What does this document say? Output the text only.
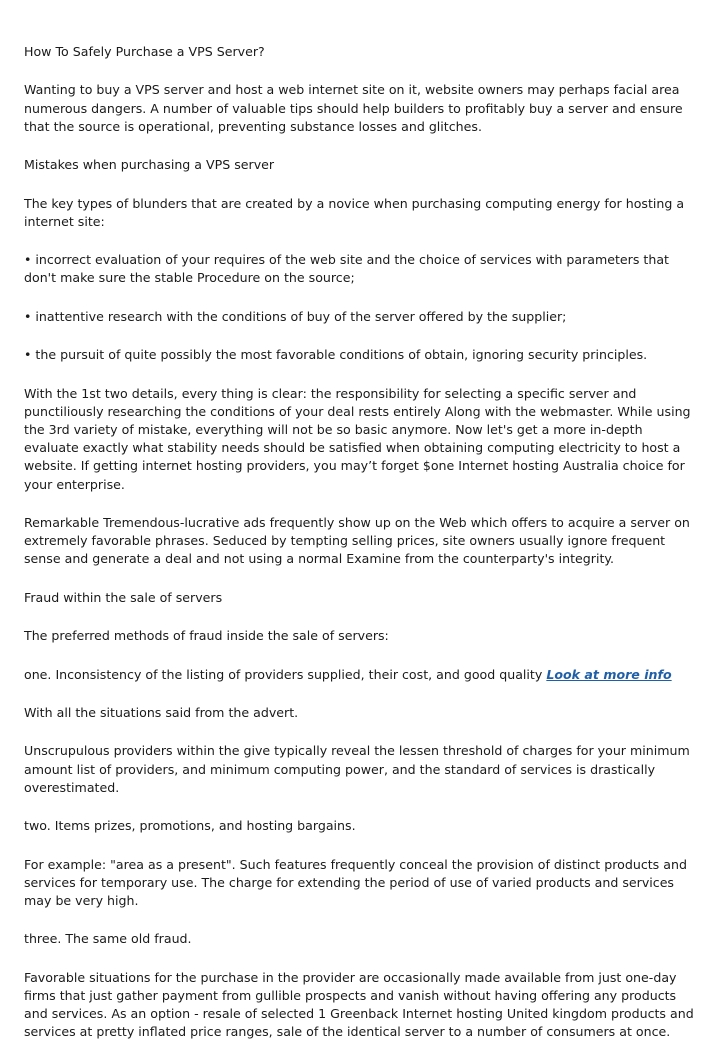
How To Safely Purchase a VPS Server?

Wanting to buy a VPS server and host a web internet site on it, website owners may perhaps facial area numerous dangers. A number of valuable tips should help builders to profitably buy a server and ensure that the source is operational, preventing substance losses and glitches.

Mistakes when purchasing a VPS server

The key types of blunders that are created by a novice when purchasing computing energy for hosting a internet site:

• incorrect evaluation of your requires of the web site and the choice of services with parameters that don't make sure the stable Procedure on the source;

• inattentive research with the conditions of buy of the server offered by the supplier;

• the pursuit of quite possibly the most favorable conditions of obtain, ignoring security principles.

With the 1st two details, every thing is clear: the responsibility for selecting a specific server and punctiliously researching the conditions of your deal rests entirely Along with the webmaster. While using the 3rd variety of mistake, everything will not be so basic anymore. Now let's get a more in-depth evaluate exactly what stability needs should be satisfied when obtaining computing electricity to host a website. If getting internet hosting providers, you may’t forget $one Internet hosting Australia choice for your enterprise.

Remarkable Tremendous-lucrative ads frequently show up on the Web which offers to acquire a server on extremely favorable phrases. Seduced by tempting selling prices, site owners usually ignore frequent sense and generate a deal and not using a normal Examine from the counterparty's integrity.

Fraud within the sale of servers

The preferred methods of fraud inside the sale of servers:

one. Inconsistency of the listing of providers supplied, their cost, and good quality Look at more info

With all the situations said from the advert.

Unscrupulous providers within the give typically reveal the lessen threshold of charges for your minimum amount list of providers, and minimum computing power, and the standard of services is drastically overestimated.

two. Items prizes, promotions, and hosting bargains.

For example: "area as a present". Such features frequently conceal the provision of distinct products and services for temporary use. The charge for extending the period of use of varied products and services may be very high.

three. The same old fraud.

Favorable situations for the purchase in the provider are occasionally made available from just one-day firms that just gather payment from gullible prospects and vanish without having offering any products and services. As an option - resale of selected 1 Greenback Internet hosting United kingdom products and services at pretty inflated price ranges, sale of the identical server to a number of consumers at once.
